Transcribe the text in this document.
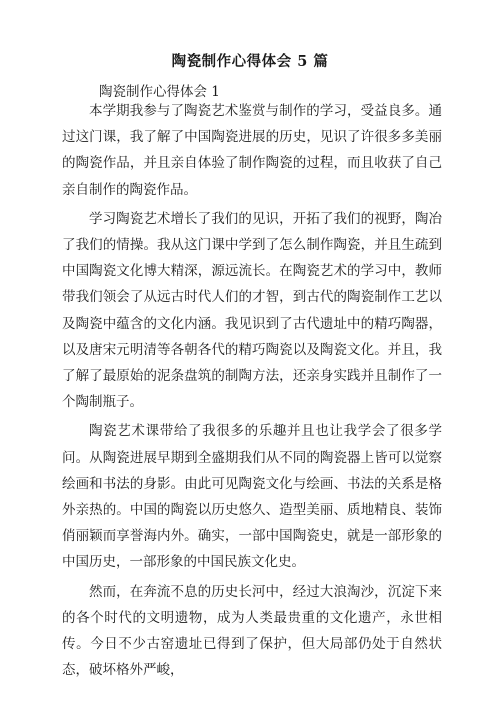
陶瓷制作心得体会 5 篇
陶瓷制作心得体会 1

本学期我参与了陶瓷艺术鉴赏与制作的学习，受益良多。通过这门课，我了解了中国陶瓷进展的历史，见识了许很多多美丽的陶瓷作品，并且亲自体验了制作陶瓷的过程，而且收获了自己亲自制作的陶瓷作品。

学习陶瓷艺术增长了我们的见识，开拓了我们的视野，陶冶了我们的情操。我从这门课中学到了怎么制作陶瓷，并且生疏到中国陶瓷文化博大精深，源远流长。在陶瓷艺术的学习中，教师带我们领会了从远古时代人们的才智，到古代的陶瓷制作工艺以及陶瓷中蕴含的文化内涵。我见识到了古代遗址中的精巧陶器，以及唐宋元明清等各朝各代的精巧陶瓷以及陶瓷文化。并且，我了解了最原始的泥条盘筑的制陶方法，还亲身实践并且制作了一个陶制瓶子。

陶瓷艺术课带给了我很多的乐趣并且也让我学会了很多学问。从陶瓷进展早期到全盛期我们从不同的陶瓷器上皆可以觉察绘画和书法的身影。由此可见陶瓷文化与绘画、书法的关系是格外亲热的。中国的陶瓷以历史悠久、造型美丽、质地精良、装饰俏丽颖而享誉海内外。确实，一部中国陶瓷史，就是一部形象的中国历史，一部形象的中国民族文化史。

然而，在奔流不息的历史长河中，经过大浪淘沙，沉淀下来的各个时代的文明遗物，成为人类最贵重的文化遗产，永世相传。今日不少古窑遗址已得到了保护，但大局部仍处于自然状态，破坏格外严峻，
